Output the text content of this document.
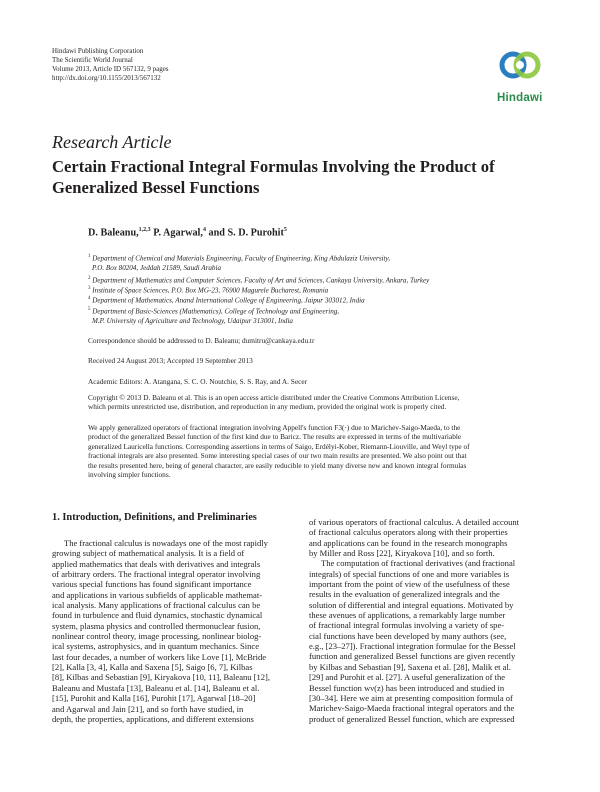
Hindawi Publishing Corporation
The Scientific World Journal
Volume 2013, Article ID 567132, 9 pages
http://dx.doi.org/10.1155/2013/567132
Hindawi
Research Article
Certain Fractional Integral Formulas Involving the Product of
Generalized Bessel Functions
D. Baleanu,$^{1,2,3}$ P. Agarwal,$^4$ and S. D. Purohit$^5$
$^1$ Department of Chemical and Materials Engineering, Faculty of Engineering, King Abdulaziz University,
P.O. Box 80204, Jeddah 21589, Saudi Arabia
$^2$ Department of Mathematics and Computer Sciences, Faculty of Art and Sciences, Cankaya University, Ankara, Turkey
$^3$ Institute of Space Sciences, P.O. Box MG-23, 76900 Magurele Bucharest, Romania
$^4$ Department of Mathematics, Anand International College of Engineering, Jaipur 303012, India
$^5$ Department of Basic-Sciences (Mathematics), College of Technology and Engineering,
M.P. University of Agriculture and Technology, Udaipur 313001, India
Correspondence should be addressed to D. Baleanu; dumitru@cankaya.edu.tr
Received 24 August 2013; Accepted 19 September 2013
Academic Editors: A. Atangana, S. C. O. Noutchie, S. S. Ray, and A. Secer
Copyright © 2013 D. Baleanu et al. This is an open access article distributed under the Creative Commons Attribution License,
which permits unrestricted use, distribution, and reproduction in any medium, provided the original work is properly cited.
We apply generalized operators of fractional integration involving Appell's function F3(·) due to Marichev-Saigo-Maeda, to the
product of the generalized Bessel function of the first kind due to Baricz. The results are expressed in terms of the multivariable
generalized Lauricella functions. Corresponding assertions in terms of Saigo, Erdélyi-Kober, Riemann-Liouville, and Weyl type of
fractional integrals are also presented. Some interesting special cases of our two main results are presented. We also point out that
the results presented here, being of general character, are easily reducible to yield many diverse new and known integral formulas
involving simpler functions.
1. Introduction, Definitions, and Preliminaries

The fractional calculus is nowadays one of the most rapidly

growing subject of mathematical analysis. It is a field of

applied mathematics that deals with derivatives and integrals

of arbitrary orders. The fractional integral operator involving

various special functions has found significant importance

and applications in various subfields of applicable mathemat-

ical analysis. Many applications of fractional calculus can be

found in turbulence and fluid dynamics, stochastic dynamical

system, plasma physics and controlled thermonuclear fusion,

nonlinear control theory, image processing, nonlinear biolog-

ical systems, astrophysics, and in quantum mechanics. Since

last four decades, a number of workers like Love [1], McBride

[2], Kalla [3, 4], Kalla and Saxena [5], Saigo [6, 7], Kilbas

[8], Kilbas and Sebastian [9], Kiryakova [10, 11], Baleanu [12],

Baleanu and Mustafa [13], Baleanu et al. [14], Baleanu et al.

[15], Purohit and Kalla [16], Purohit [17], Agarwal [18–20]

and Agarwal and Jain [21], and so forth have studied, in

depth, the properties, applications, and different extensions

of various operators of fractional calculus. A detailed account

of fractional calculus operators along with their properties

and applications can be found in the research monographs

by Miller and Ross [22], Kiryakova [10], and so forth.

The computation of fractional derivatives (and fractional

integrals) of special functions of one and more variables is

important from the point of view of the usefulness of these

results in the evaluation of generalized integrals and the

solution of differential and integral equations. Motivated by

these avenues of applications, a remarkably large number

of fractional integral formulas involving a variety of spe-

cial functions have been developed by many authors (see,

e.g., [23–27]). Fractional integration formulae for the Bessel

function and generalized Bessel functions are given recently

by Kilbas and Sebastian [9], Saxena et al. [28], Malik et al.

[29] and Purohit et al. [27]. A useful generalization of the

Bessel function wν(z) has been introduced and studied in

[30–34]. Here we aim at presenting composition formula of

Marichev-Saigo-Maeda fractional integral operators and the

product of generalized Bessel function, which are expressed
